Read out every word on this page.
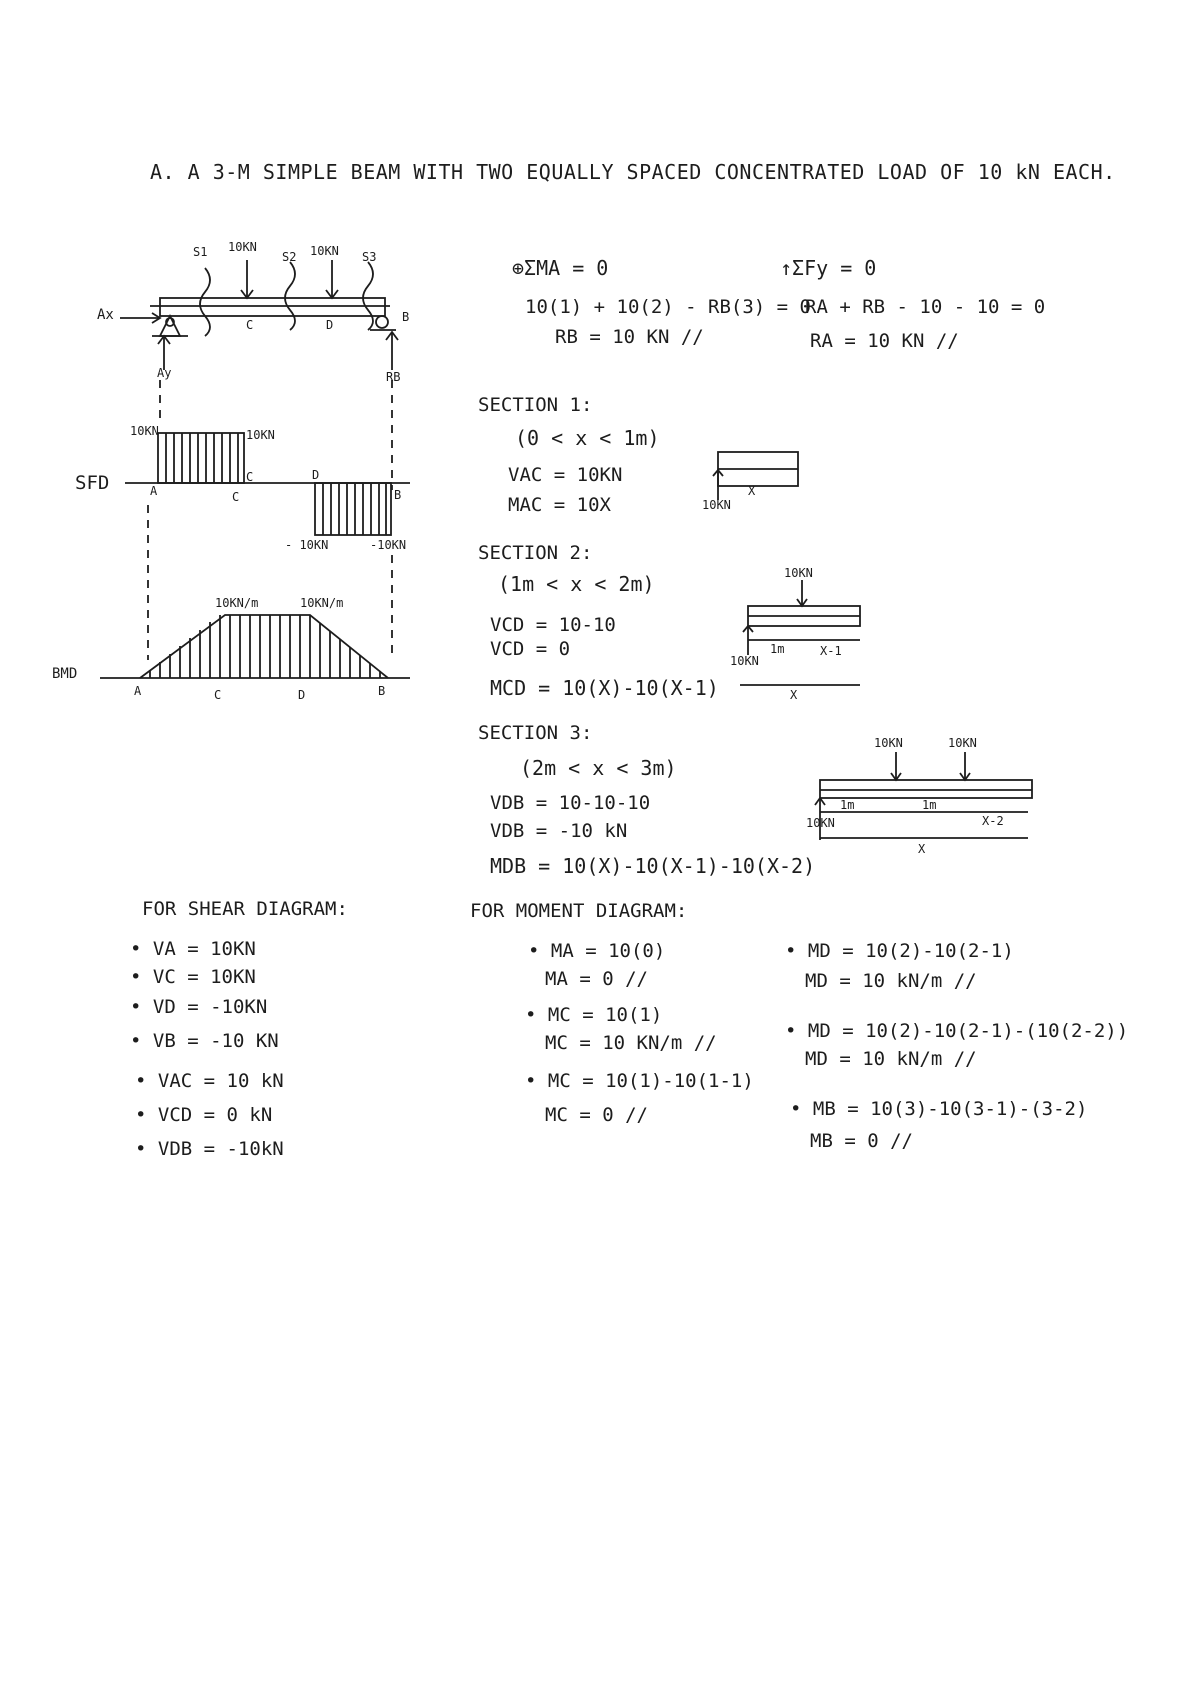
A. A 3-M SIMPLE BEAM WITH TWO EQUALLY SPACED CONCENTRATED LOAD OF 10 kN EACH.
S1 10KN
S2 10KN S3
Ax
C	D
B
Ay	RB
SFD
10KN	10KN
A	C
C	D
B
- 10KN	-10KN
BMD
10KN/m	10KN/m
A	C	D	B
⊕ΣMA = 0
10(1) + 10(2) - RB(3) = 0
RB = 10 KN //
↑ΣFy = 0
RA + RB - 10 - 10 = 0
RA = 10 KN //
SECTION 1:
(0 < x < 1m)
VAC = 10KN
MAC = 10X	10KN
X
SECTION 2:
(1m < x < 2m)
VCD = 10-10
VCD = 0
MCD = 10(X)-10(X-1)
10KN
10KN
1m	X-1
X
SECTION 3:
(2m < x < 3m)
VDB = 10-10-10
VDB = -10 kN
MDB = 10(X)-10(X-1)-10(X-2)
10KN	10KN
10KN
1m	1m
X-2
X
FOR SHEAR DIAGRAM:
• VA = 10KN
• VC = 10KN
• VD = -10KN
• VB = -10 KN
• VAC = 10 kN
• VCD = 0 kN
• VDB = -10kN
FOR MOMENT DIAGRAM:
• MA = 10(0)
MA = 0 //
• MC = 10(1)
MC = 10 KN/m //
• MC = 10(1)-10(1-1)
MC = 0 //
• MD = 10(2)-10(2-1)
MD = 10 kN/m //
• MD = 10(2)-10(2-1)-(10(2-2))
MD = 10 kN/m //
• MB = 10(3)-10(3-1)-(3-2)
MB = 0 //
